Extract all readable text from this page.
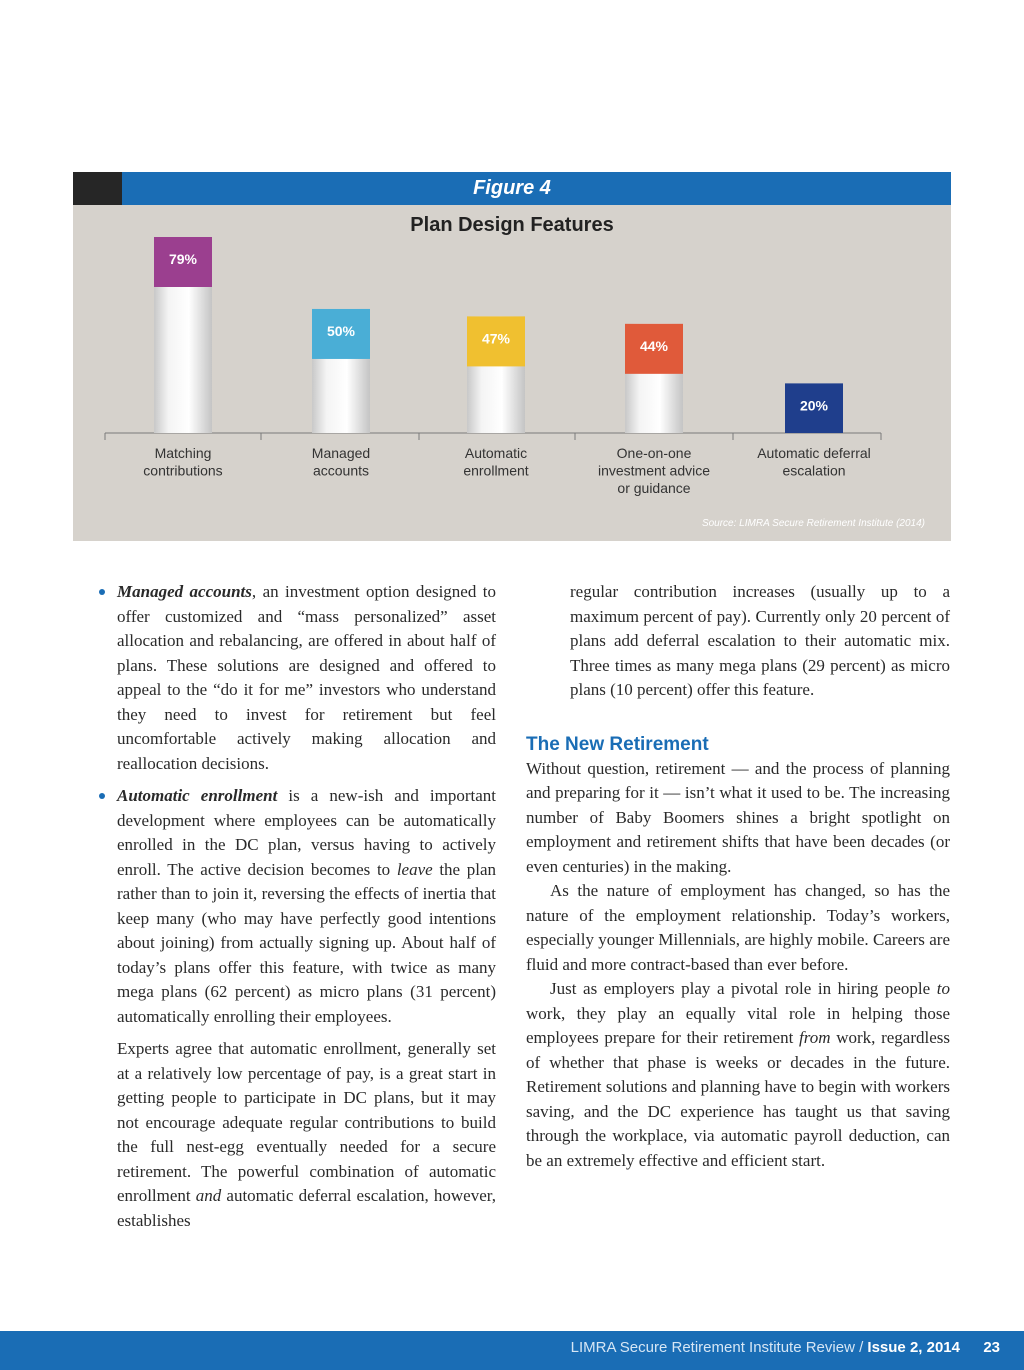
Figure 4
Plan Design Features
79%
Matching
contributions
50%
Managed
accounts
47%
Automatic
enrollment
44%
One-on-one
investment advice
or guidance
20%
Automatic deferral
escalation
Source: LIMRA Secure Retirement Institute (2014)

Managed accounts, an investment option designed to offer customized and “mass personalized” asset allocation and rebalancing, are offered in about half of plans. These solutions are designed and offered to appeal to the “do it for me” investors who understand they need to invest for retirement but feel uncomfortable actively making allocation and reallocation decisions.

Automatic enrollment is a new-ish and important development where employees can be automatically enrolled in the DC plan, versus having to actively enroll. The active decision becomes to leave the plan rather than to join it, reversing the effects of inertia that keep many (who may have perfectly good intentions about joining) from actually signing up. About half of today’s plans offer this feature, with twice as many mega plans (62 percent) as micro plans (31 percent) automatically enrolling their employees.

Experts agree that automatic enrollment, generally set at a relatively low percentage of pay, is a great start in getting people to participate in DC plans, but it may not encourage adequate regular contributions to build the full nest-egg eventually needed for a secure retirement. The powerful combination of automatic enrollment and automatic deferral escalation, however, establishes

regular contribution increases (usually up to a maximum percent of pay). Currently only 20 percent of plans add deferral escalation to their automatic mix. Three times as many mega plans (29 percent) as micro plans (10 percent) offer this feature.

The New Retirement

Without question, retirement — and the process of planning and preparing for it — isn’t what it used to be. The increasing number of Baby Boomers shines a bright spotlight on employment and retirement shifts that have been decades (or even centuries) in the making.

As the nature of employment has changed, so has the nature of the employment relationship. Today’s workers, especially younger Millennials, are highly mobile. Careers are fluid and more contract-based than ever before.

Just as employers play a pivotal role in hiring people to work, they play an equally vital role in helping those employees prepare for their retirement from work, regardless of whether that phase is weeks or decades in the future. Retirement solutions and planning have to begin with workers saving, and the DC experience has taught us that saving through the workplace, via automatic payroll deduction, can be an extremely effective and efficient start.

LIMRA Secure Retirement Institute Review / Issue 2, 2014 23
